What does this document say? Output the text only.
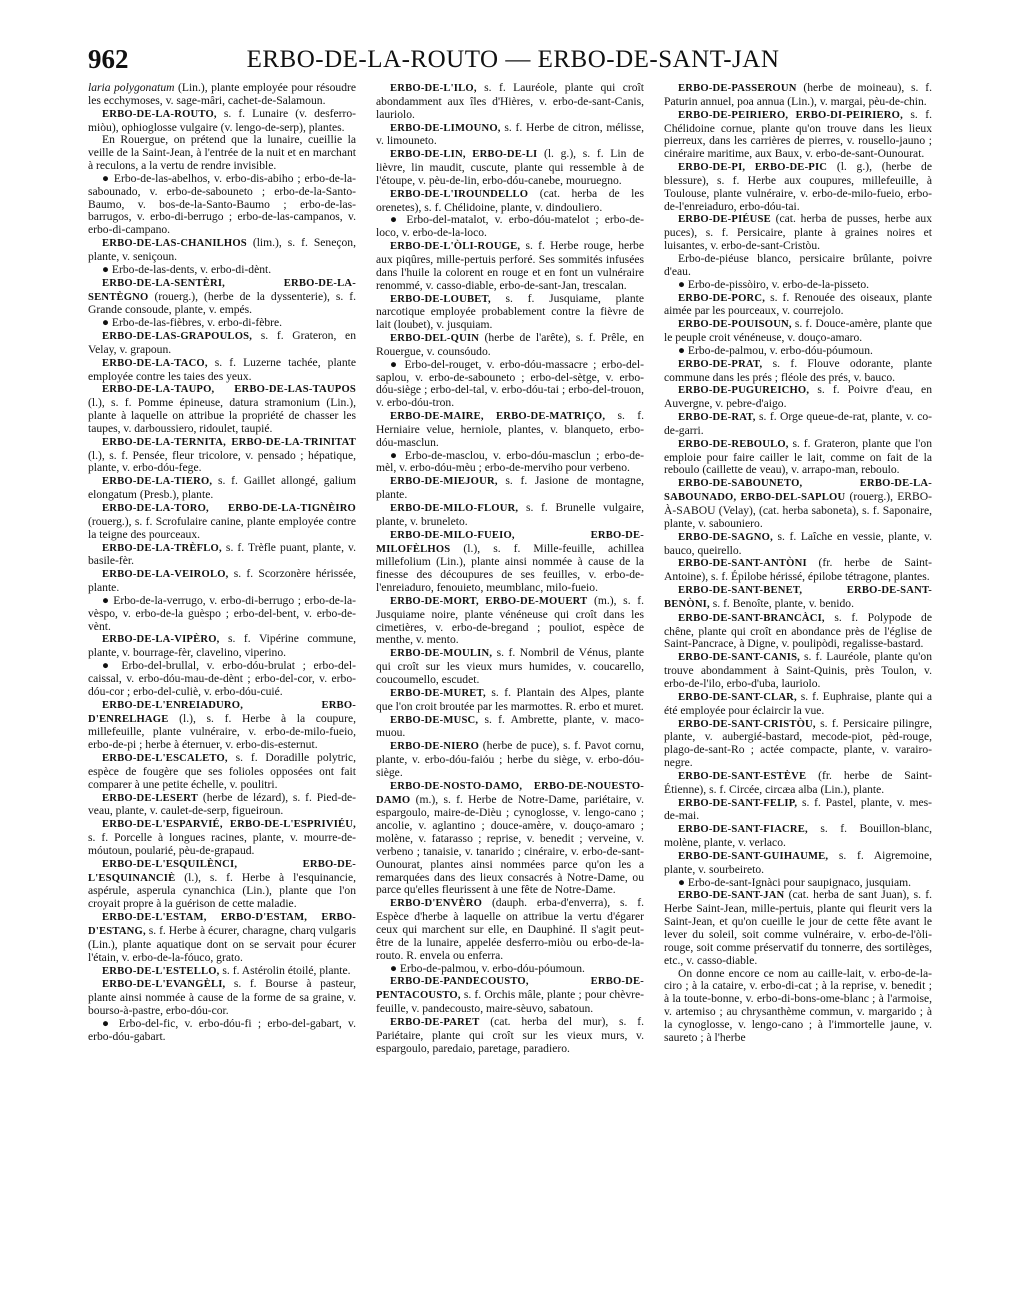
962	ERBO-DE-LA-ROUTO — ERBO-DE-SANT-JAN

laria polygonatum (Lin.), plante employée pour résoudre les ecchymoses, v. sage-mâri, cachet-de-Salamoun.

ERBO-DE-LA-ROUTO, s. f. Lunaire (v. desferro-miòu), ophioglosse vulgaire (v. lengo-de-serp), plantes.

En Rouergue, on prétend que la lunaire, cueillie la veille de la Saint-Jean, à l'entrée de la nuit et en marchant à reculons, a la vertu de rendre invisible.

● Erbo-de-las-abelhos, v. erbo-dis-abiho ; erbo-de-la-sabounado, v. erbo-de-sabouneto ; erbo-de-la-Santo-Baumo, v. bos-de-la-Santo-Baumo ; erbo-de-las-barrugos, v. erbo-di-berrugo ; erbo-de-las-campanos, v. erbo-di-campano.

ERBO-DE-LAS-CHANILHOS (lim.), s. f. Seneçon, plante, v. seniçoun.

● Erbo-de-las-dents, v. erbo-di-dènt.

ERBO-DE-LA-SENTÈRI, ERBO-DE-LA-SENTÈGNO (rouerg.), (herbe de la dyssenterie), s. f. Grande consoude, plante, v. empés.

● Erbo-de-las-fièbres, v. erbo-di-fèbre.

ERBO-DE-LAS-GRAPOULOS, s. f. Grateron, en Velay, v. grapoun.

ERBO-DE-LA-TACO, s. f. Luzerne tachée, plante employée contre les taies des yeux.

ERBO-DE-LA-TAUPO, ERBO-DE-LAS-TAUPOS (l.), s. f. Pomme épineuse, datura stramonium (Lin.), plante à laquelle on attribue la propriété de chasser les taupes, v. darboussiero, ridoulet, taupié.

ERBO-DE-LA-TERNITA, ERBO-DE-LA-TRINITAT (l.), s. f. Pensée, fleur tricolore, v. pensado ; hépatique, plante, v. erbo-dóu-fege.

ERBO-DE-LA-TIERO, s. f. Gaillet allongé, galium elongatum (Presb.), plante.

ERBO-DE-LA-TORO, ERBO-DE-LA-TIGNÈIRO (rouerg.), s. f. Scrofulaire canine, plante employée contre la teigne des pourceaux.

ERBO-DE-LA-TRÈFLO, s. f. Trèfle puant, plante, v. basile-fèr.

ERBO-DE-LA-VEIROLO, s. f. Scorzonère hérissée, plante.

● Erbo-de-la-verrugo, v. erbo-di-berrugo ; erbo-de-la-vèspo, v. erbo-de-la guèspo ; erbo-del-bent, v. erbo-de-vènt.

ERBO-DE-LA-VIPÈRO, s. f. Vipérine commune, plante, v. bourrage-fèr, clavelino, viperino.

● Erbo-del-brullal, v. erbo-dóu-brulat ; erbo-del-caissal, v. erbo-dóu-mau-de-dènt ; erbo-del-cor, v. erbo-dóu-cor ; erbo-del-culiè, v. erbo-dóu-cuié.

ERBO-DE-L'ENREIADURO, ERBO-D'ENRELHAGE (l.), s. f. Herbe à la coupure, millefeuille, plante vulnéraire, v. erbo-de-milo-fueio, erbo-de-pi ; herbe à éternuer, v. erbo-dis-esternut.

ERBO-DE-L'ESCALETO, s. f. Doradille polytric, espèce de fougère que ses folioles opposées ont fait comparer à une petite échelle, v. poulitri.

ERBO-DE-LESERT (herbe de lézard), s. f. Pied-de-veau, plante, v. caulet-de-serp, figueiroun.

ERBO-DE-L'ESPARVIÉ, ERBO-DE-L'ESPRIVIÉU, s. f. Porcelle à longues racines, plante, v. mourre-de-móutoun, poularié, pèu-de-grapaud.

ERBO-DE-L'ESQUILÈNCI, ERBO-DE-L'ESQUINANCIÈ (l.), s. f. Herbe à l'esquinancie, aspérule, asperula cynanchica (Lin.), plante que l'on croyait propre à la guérison de cette maladie.

ERBO-DE-L'ESTAM, ERBO-D'ESTAM, ERBO-D'ESTANG, s. f. Herbe à écurer, charagne, charq vulgaris (Lin.), plante aquatique dont on se servait pour écurer l'étain, v. erbo-de-la-fóuco, grato.

ERBO-DE-L'ESTELLO, s. f. Astérolin étoilé, plante.

ERBO-DE-L'EVANGÈLI, s. f. Bourse à pasteur, plante ainsi nommée à cause de la forme de sa graine, v. bourso-à-pastre, erbo-dóu-cor.

● Erbo-del-fic, v. erbo-dóu-fi ; erbo-del-gabart, v. erbo-dóu-gabart.

ERBO-DE-L'ILO, s. f. Lauréole, plante qui croît abondamment aux îles d'Hières, v. erbo-de-sant-Canis, lauriolo.

ERBO-DE-LIMOUNO, s. f. Herbe de citron, mélisse, v. limouneto.

ERBO-DE-LIN, ERBO-DE-LI (l. g.), s. f. Lin de lièvre, lin maudit, cuscute, plante qui ressemble à de l'étoupe, v. pèu-de-lin, erbo-dóu-canebe, mouruegno.

ERBO-DE-L'IROUNDELLO (cat. herba de les orenetes), s. f. Chélidoine, plante, v. dindouliero.

● Erbo-del-matalot, v. erbo-dóu-matelot ; erbo-de-loco, v. erbo-de-la-loco.

ERBO-DE-L'ÒLI-ROUGE, s. f. Herbe rouge, herbe aux piqûres, mille-pertuis perforé. Ses sommités infusées dans l'huile la colorent en rouge et en font un vulnéraire renommé, v. casso-diable, erbo-de-sant-Jan, trescalan.

ERBO-DE-LOUBET, s. f. Jusquiame, plante narcotique employée probablement contre la fièvre de lait (loubet), v. jusquiam.

ERBO-DEL-QUIN (herbe de l'arête), s. f. Prêle, en Rouergue, v. counsóudo.

● Erbo-del-rouget, v. erbo-dóu-massacre ; erbo-del-saplou, v. erbo-de-sabouneto ; erbo-del-sètge, v. erbo-dóu-siège ; erbo-del-tal, v. erbo-dóu-tai ; erbo-del-trouon, v. erbo-dóu-tron.

ERBO-DE-MAIRE, ERBO-DE-MATRIÇO, s. f. Herniaire velue, herniole, plantes, v. blanqueto, erbo-dóu-masclun.

● Erbo-de-masclou, v. erbo-dóu-masclun ; erbo-de-mèl, v. erbo-dóu-mèu ; erbo-de-merviho pour verbeno.

ERBO-DE-MIEJOUR, s. f. Jasione de montagne, plante.

ERBO-DE-MILO-FLOUR, s. f. Brunelle vulgaire, plante, v. bruneleto.

ERBO-DE-MILO-FUEIO, ERBO-DE-MILOFÈLHOS (l.), s. f. Mille-feuille, achillea millefolium (Lin.), plante ainsi nommée à cause de la finesse des découpures de ses feuilles, v. erbo-de-l'enreiaduro, fenouieto, meumblanc, milo-fueio.

ERBO-DE-MORT, ERBO-DE-MOUERT (m.), s. f. Jusquiame noire, plante vénéneuse qui croît dans les cimetières, v. erbo-de-bregand ; pouliot, espèce de menthe, v. mento.

ERBO-DE-MOULIN, s. f. Nombril de Vénus, plante qui croît sur les vieux murs humides, v. coucarello, coucoumello, escudet.

ERBO-DE-MURET, s. f. Plantain des Alpes, plante que l'on croit broutée par les marmottes. R. erbo et muret.

ERBO-DE-MUSC, s. f. Ambrette, plante, v. maco-muou.

ERBO-DE-NIERO (herbe de puce), s. f. Pavot cornu, plante, v. erbo-dóu-faióu ; herbe du siège, v. erbo-dóu-siège.

ERBO-DE-NOSTO-DAMO, ERBO-DE-NOUESTO-DAMO (m.), s. f. Herbe de Notre-Dame, pariétaire, v. espargoulo, maire-de-Dièu ; cynoglosse, v. lengo-cano ; ancolie, v. aglantino ; douce-amère, v. douço-amaro ; molène, v. fatarasso ; reprise, v. benedit ; verveine, v. verbeno ; tanaisie, v. tanarido ; cinéraire, v. erbo-de-sant-Ounourat, plantes ainsi nommées parce qu'on les a remarquées dans des lieux consacrés à Notre-Dame, ou parce qu'elles fleurissent à une fête de Notre-Dame.

ERBO-D'ENVÈRO (dauph. erba-d'enverra), s. f. Espèce d'herbe à laquelle on attribue la vertu d'égarer ceux qui marchent sur elle, en Dauphiné. Il s'agit peut-être de la lunaire, appelée desferro-miòu ou erbo-de-la-routo. R. envela ou enferra.

● Erbo-de-palmou, v. erbo-dóu-póumoun.

ERBO-DE-PANDECOUSTO, ERBO-DE-PENTACOUSTO, s. f. Orchis mâle, plante ; pour chèvre-feuille, v. pandecousto, maire-sèuvo, sabatoun.

ERBO-DE-PARET (cat. herba del mur), s. f. Pariétaire, plante qui croît sur les vieux murs, v. espargoulo, paredaio, paretage, paradiero.

ERBO-DE-PASSEROUN (herbe de moineau), s. f. Paturin annuel, poa annua (Lin.), v. margai, pèu-de-chin.

ERBO-DE-PEIRIERO, ERBO-DI-PEIRIERO, s. f. Chélidoine cornue, plante qu'on trouve dans les lieux pierreux, dans les carrières de pierres, v. rousello-jauno ; cinéraire maritime, aux Baux, v. erbo-de-sant-Ounourat.

ERBO-DE-PI, ERBO-DE-PIC (l. g.), (herbe de blessure), s. f. Herbe aux coupures, millefeuille, à Toulouse, plante vulnéraire, v. erbo-de-milo-fueio, erbo-de-l'enreiaduro, erbo-dóu-tai.

ERBO-DE-PIÉUSE (cat. herba de pusses, herbe aux puces), s. f. Persicaire, plante à graines noires et luisantes, v. erbo-de-sant-Cristòu.

Erbo-de-piéuse blanco, persicaire brûlante, poivre d'eau.

● Erbo-de-pissòiro, v. erbo-de-la-pisseto.

ERBO-DE-PORC, s. f. Renouée des oiseaux, plante aimée par les pourceaux, v. courrejolo.

ERBO-DE-POUISOUN, s. f. Douce-amère, plante que le peuple croit vénéneuse, v. douço-amaro.

● Erbo-de-palmou, v. erbo-dóu-póumoun.

ERBO-DE-PRAT, s. f. Flouve odorante, plante commune dans les prés ; fléole des prés, v. bauco.

ERBO-DE-PUGUREICHO, s. f. Poivre d'eau, en Auvergne, v. pebre-d'aigo.

ERBO-DE-RAT, s. f. Orge queue-de-rat, plante, v. co-de-garri.

ERBO-DE-REBOULO, s. f. Grateron, plante que l'on emploie pour faire cailler le lait, comme on fait de la reboulo (caillette de veau), v. arrapo-man, reboulo.

ERBO-DE-SABOUNETO, ERBO-DE-LA-SABOUNADO, ERBO-DEL-SAPLOU (rouerg.), ERBO-À-SABOU (Velay), (cat. herba saboneta), s. f. Saponaire, plante, v. sabouniero.

ERBO-DE-SAGNO, s. f. Laîche en vessie, plante, v. bauco, queirello.

ERBO-DE-SANT-ANTÒNI (fr. herbe de Saint-Antoine), s. f. Épilobe hérissé, épilobe tétragone, plantes.

ERBO-DE-SANT-BENET, ERBO-DE-SANT-BENÒNI, s. f. Benoîte, plante, v. benido.

ERBO-DE-SANT-BRANCÀCI, s. f. Polypode de chêne, plante qui croît en abondance près de l'église de Saint-Pancrace, à Digne, v. poulipòdi, regalisse-bastard.

ERBO-DE-SANT-CANIS, s. f. Lauréole, plante qu'on trouve abondamment à Saint-Quinis, près Toulon, v. erbo-de-l'ilo, erbo-d'uba, lauriolo.

ERBO-DE-SANT-CLAR, s. f. Euphraise, plante qui a été employée pour éclaircir la vue.

ERBO-DE-SANT-CRISTÒU, s. f. Persicaire pilingre, plante, v. aubergié-bastard, mecode-piot, pèd-rouge, plago-de-sant-Ro ; actée compacte, plante, v. varairo-negre.

ERBO-DE-SANT-ESTÈVE (fr. herbe de Saint-Étienne), s. f. Circée, circæa alba (Lin.), plante.

ERBO-DE-SANT-FELIP, s. f. Pastel, plante, v. mes-de-mai.

ERBO-DE-SANT-FIACRE, s. f. Bouillon-blanc, molène, plante, v. verlaco.

ERBO-DE-SANT-GUIHAUME, s. f. Aigremoine, plante, v. sourbeireto.

● Erbo-de-sant-Ignàci pour saupignaco, jusquiam.

ERBO-DE-SANT-JAN (cat. herba de sant Juan), s. f. Herbe Saint-Jean, mille-pertuis, plante qui fleurit vers la Saint-Jean, et qu'on cueille le jour de cette fête avant le lever du soleil, soit comme vulnéraire, v. erbo-de-l'òli-rouge, soit comme préservatif du tonnerre, des sortilèges, etc., v. casso-diable.

On donne encore ce nom au caille-lait, v. erbo-de-la-ciro ; à la cataire, v. erbo-di-cat ; à la reprise, v. benedit ; à la toute-bonne, v. erbo-di-bons-ome-blanc ; à l'armoise, v. artemiso ; au chrysanthème commun, v. margarido ; à la cynoglosse, v. lengo-cano ; à l'immortelle jaune, v. saureto ; à l'herbe
